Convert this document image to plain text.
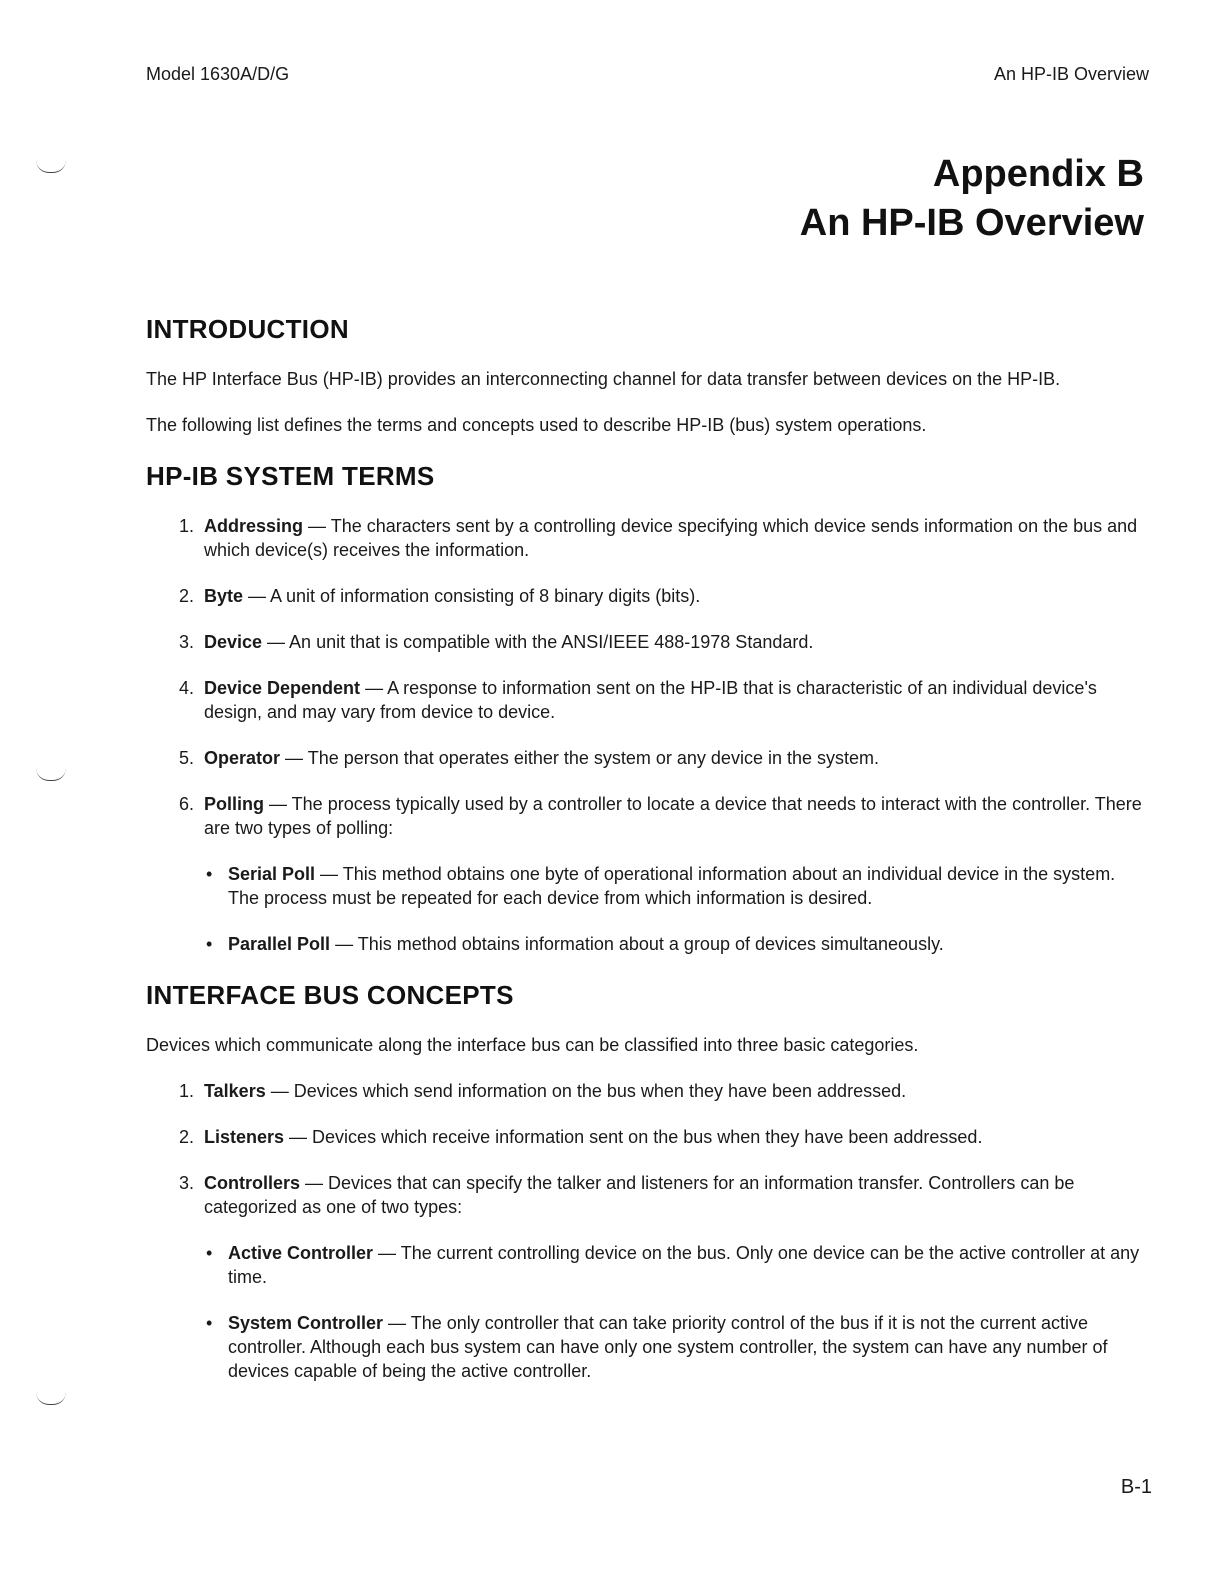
Model 1630A/D/G	An HP-IB Overview
Appendix B
An HP-IB Overview
INTRODUCTION

The HP Interface Bus (HP-IB) provides an interconnecting channel for data transfer between devices on the HP-IB.

The following list defines the terms and concepts used to describe HP-IB (bus) system operations.

HP-IB SYSTEM TERMS
1. Addressing — The characters sent by a controlling device specifying which device sends information on the bus and which device(s) receives the information.
2. Byte — A unit of information consisting of 8 binary digits (bits).
3. Device — An unit that is compatible with the ANSI/IEEE 488-1978 Standard.
4. Device Dependent — A response to information sent on the HP-IB that is characteristic of an individual device's design, and may vary from device to device.
5. Operator — The person that operates either the system or any device in the system.
6. Polling — The process typically used by a controller to locate a device that needs to interact with the controller. There are two types of polling:
• Serial Poll — This method obtains one byte of operational information about an individual device in the system. The process must be repeated for each device from which information is desired.
• Parallel Poll — This method obtains information about a group of devices simultaneously.
INTERFACE BUS CONCEPTS

Devices which communicate along the interface bus can be classified into three basic categories.

1. Talkers — Devices which send information on the bus when they have been addressed.
2. Listeners — Devices which receive information sent on the bus when they have been addressed.
3. Controllers — Devices that can specify the talker and listeners for an information transfer. Controllers can be categorized as one of two types:
• Active Controller — The current controlling device on the bus. Only one device can be the active controller at any time.
• System Controller — The only controller that can take priority control of the bus if it is not the current active controller. Although each bus system can have only one system controller, the system can have any number of devices capable of being the active controller.
B-1
